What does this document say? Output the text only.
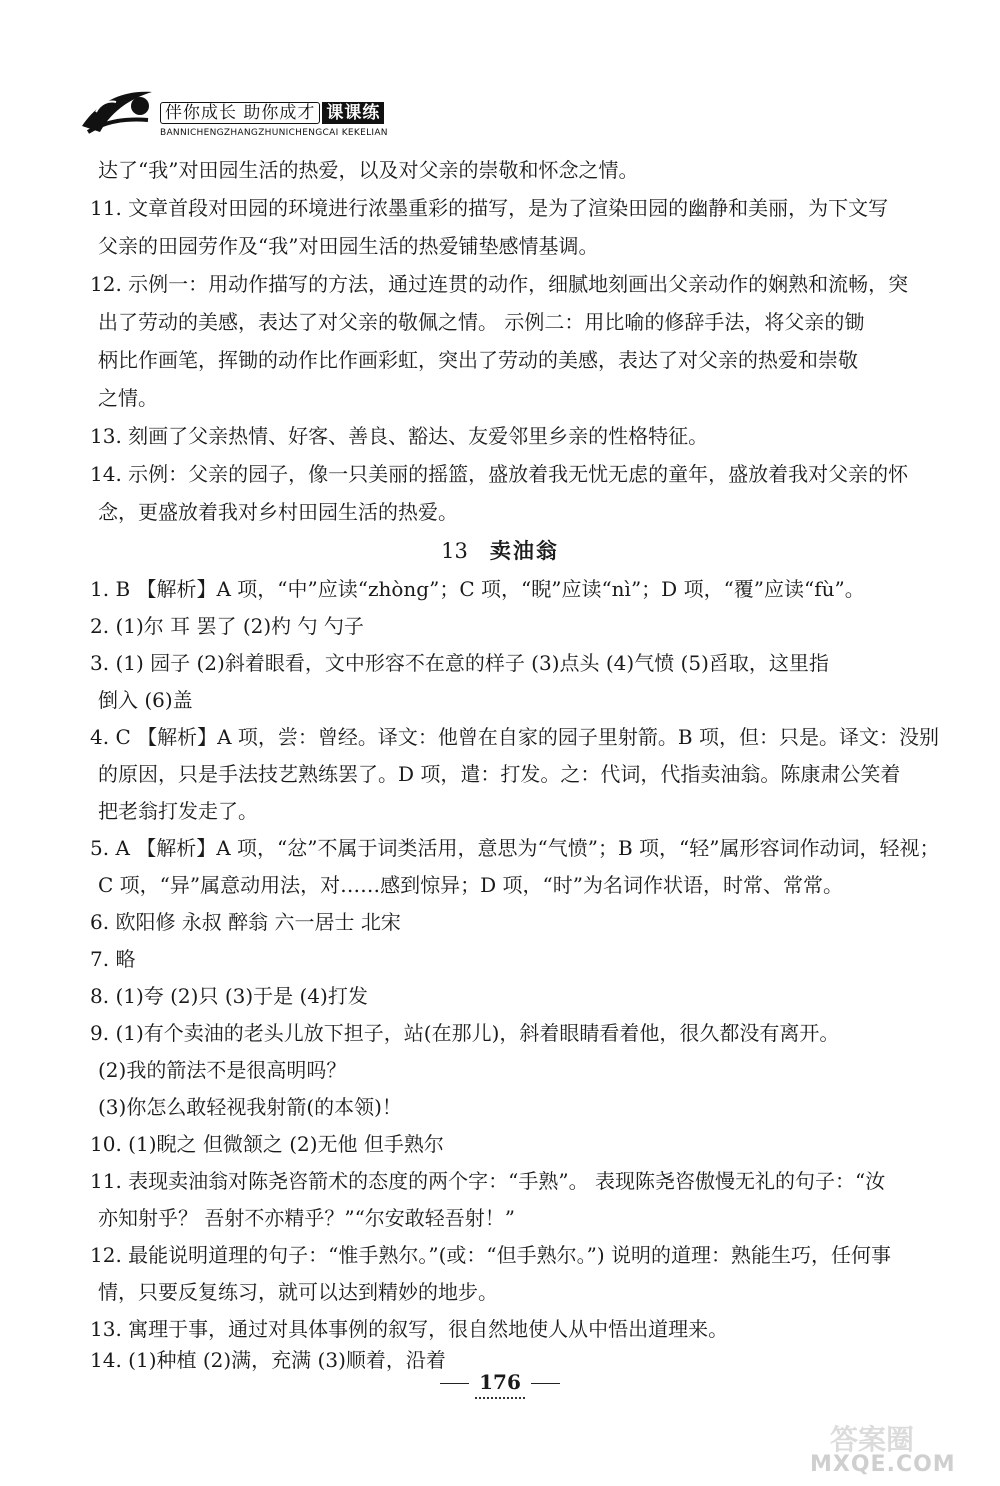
伴你成长 助你成才 课课练
BANNICHENGZHANGZHUNICHENGCAI KEKELIAN
达了“我”对田园生活的热爱，以及对父亲的崇敬和怀念之情。
11. 文章首段对田园的环境进行浓墨重彩的描写，是为了渲染田园的幽静和美丽，为下文写
父亲的田园劳作及“我”对田园生活的热爱铺垫感情基调。
12. 示例一：用动作描写的方法，通过连贯的动作，细腻地刻画出父亲动作的娴熟和流畅，突
出了劳动的美感，表达了对父亲的敬佩之情。 示例二：用比喻的修辞手法，将父亲的锄
柄比作画笔，挥锄的动作比作画彩虹，突出了劳动的美感，表达了对父亲的热爱和崇敬
之情。
13. 刻画了父亲热情、好客、善良、豁达、友爱邻里乡亲的性格特征。
14. 示例：父亲的园子，像一只美丽的摇篮，盛放着我无忧无虑的童年，盛放着我对父亲的怀
念，更盛放着我对乡村田园生活的热爱。
13 卖油翁
1. B 【解析】A 项，“中”应读“zhòng”；C 项，“睨”应读“nì”；D 项，“覆”应读“fù”。
2. (1)尔 耳 罢了 (2)杓 勺 勺子
3. (1) 园子 (2)斜着眼看，文中形容不在意的样子 (3)点头 (4)气愤 (5)舀取，这里指
倒入 (6)盖
4. C 【解析】A 项，尝：曾经。译文：他曾在自家的园子里射箭。B 项，但：只是。译文：没别
的原因，只是手法技艺熟练罢了。D 项，遣：打发。之：代词，代指卖油翁。陈康肃公笑着
把老翁打发走了。
5. A 【解析】A 项，“忿”不属于词类活用，意思为“气愤”；B 项，“轻”属形容词作动词，轻视；
C 项，“异”属意动用法，对……感到惊异；D 项，“时”为名词作状语，时常、常常。
6. 欧阳修 永叔 醉翁 六一居士 北宋
7. 略
8. (1)夸 (2)只 (3)于是 (4)打发
9. (1)有个卖油的老头儿放下担子，站(在那儿)，斜着眼睛看着他，很久都没有离开。
(2)我的箭法不是很高明吗？
(3)你怎么敢轻视我射箭(的本领)！
10. (1)睨之 但微颔之 (2)无他 但手熟尔
11. 表现卖油翁对陈尧咨箭术的态度的两个字：“手熟”。 表现陈尧咨傲慢无礼的句子：“汝
亦知射乎？ 吾射不亦精乎？”“尔安敢轻吾射！”
12. 最能说明道理的句子：“惟手熟尔。”(或：“但手熟尔。”) 说明的道理：熟能生巧，任何事
情，只要反复练习，就可以达到精妙的地步。
13. 寓理于事，通过对具体事例的叙写，很自然地使人从中悟出道理来。
14. (1)种植 (2)满，充满 (3)顺着，沿着
176
答案圈
MXQE.COM
